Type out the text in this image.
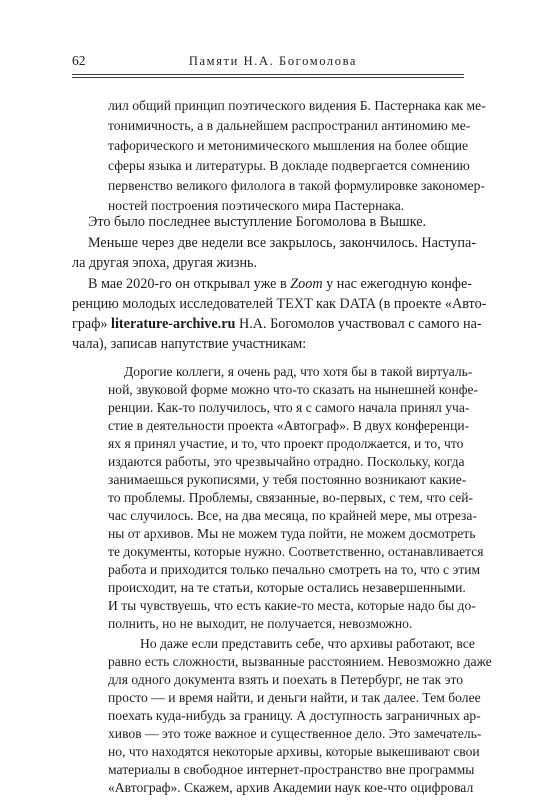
62	Памяти Н.А. Богомолова
лил общий принцип поэтического видения Б. Пастернака как ме-
тонимичность, а в дальнейшем распространил антиномию ме-
тафорического и метонимического мышления на более общие
сферы языка и литературы. В докладе подвергается сомнению
первенство великого филолога в такой формулировке закономер-
ностей построения поэтического мира Пастернака.
Это было последнее выступление Богомолова в Вышке.
Меньше через две недели все закрылось, закончилось. Наступа-
ла другая эпоха, другая жизнь.
В мае 2020-го он открывал уже в Zoom у нас ежегодную конфе-
ренцию молодых исследователей TEXT как DATA (в проекте «Авто-
граф» literature-archive.ru Н.А. Богомолов участвовал с самого на-
чала), записав напутствие участникам:
Дорогие коллеги, я очень рад, что хотя бы в такой виртуаль-
ной, звуковой форме можно что-то сказать на нынешней конфе-
ренции. Как-то получилось, что я с самого начала принял уча-
стие в деятельности проекта «Автограф». В двух конференци-
ях я принял участие, и то, что проект продолжается, и то, что
издаются работы, это чрезвычайно отрадно. Поскольку, когда
занимаешься рукописями, у тебя постоянно возникают какие-
то проблемы. Проблемы, связанные, во-первых, с тем, что сей-
час случилось. Все, на два месяца, по крайней мере, мы отреза-
ны от архивов. Мы не можем туда пойти, не можем досмотреть
те документы, которые нужно. Соответственно, останавливается
работа и приходится только печально смотреть на то, что с этим
происходит, на те статьи, которые остались незавершенными.
И ты чувствуешь, что есть какие-то места, которые надо бы до-
полнить, но не выходит, не получается, невозможно.
Но даже если представить себе, что архивы работают, все
равно есть сложности, вызванные расстоянием. Невозможно даже
для одного документа взять и поехать в Петербург, не так это
просто — и время найти, и деньги найти, и так далее. Тем более
поехать куда-нибудь за границу. А доступность заграничных ар-
хивов — это тоже важное и существенное дело. Это замечатель-
но, что находятся некоторые архивы, которые выкешивают свои
материалы в свободное интернет-пространство вне программы
«Автограф». Скажем, архив Академии наук кое-что оцифровал
